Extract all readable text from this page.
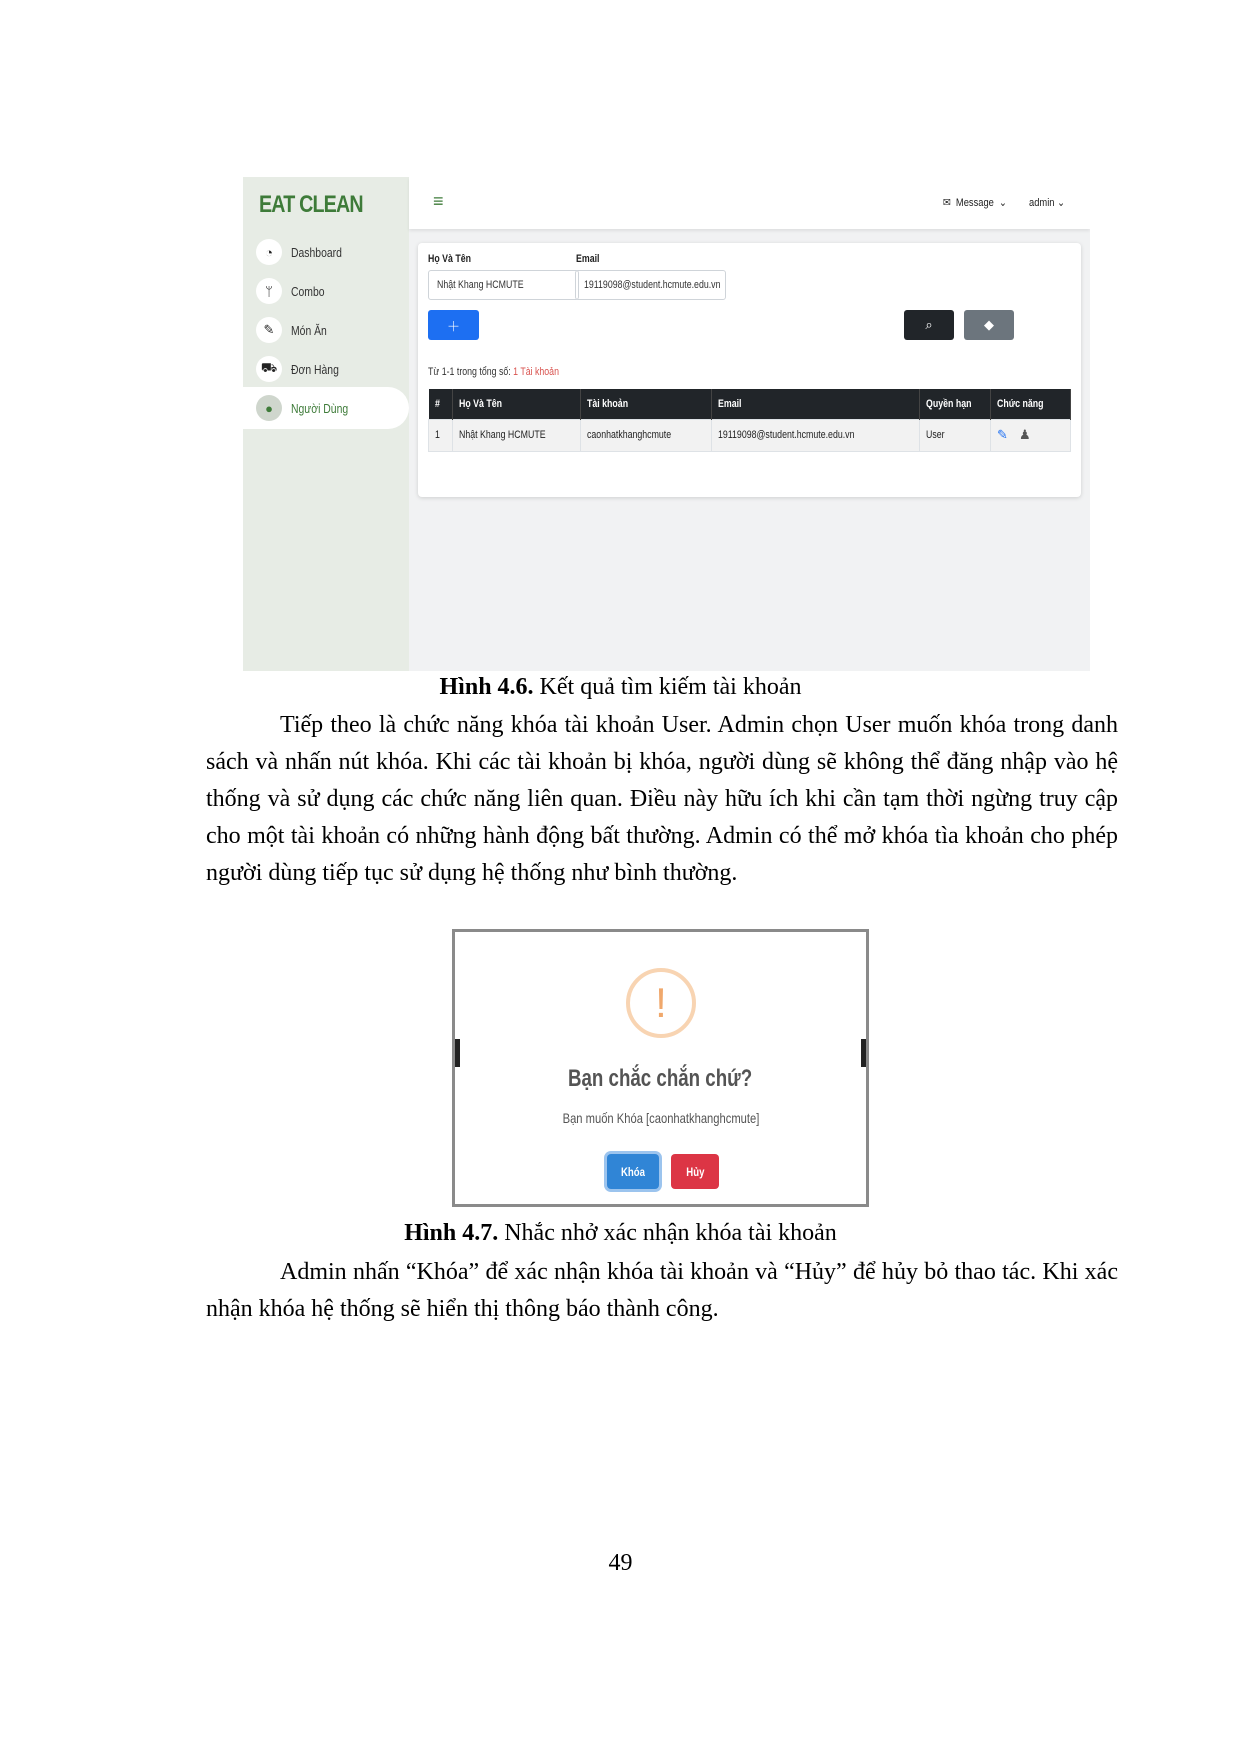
EAT CLEAN
◔	Dashboard
ᛘ	Combo
✎	Món Ăn
⛟	Đơn Hàng
●	Người Dùng
≡	✉ Message ⌄ admin ⌄
Họ Và Tên
Nhật Khang HCMUTE
Email
19119098@student.hcmute.edu.vn
＋	⌕	◆
Từ 1-1 trong tổng số: 1 Tài khoản
#	Họ Và Tên	Tài khoản	Email	Quyền hạn	Chức năng
1	Nhật Khang HCMUTE	caonhatkhanghcmute	19119098@student.hcmute.edu.vn	User	✎ ♟
Hình 4.6. Kết quả tìm kiếm tài khoản
Tiếp theo là chức năng khóa tài khoản User. Admin chọn User muốn khóa trong danh sách và nhấn nút khóa. Khi các tài khoản bị khóa, người dùng sẽ không thể đăng nhập vào hệ thống và sử dụng các chức năng liên quan. Điều này hữu ích khi cần tạm thời ngừng truy cập cho một tài khoản có những hành động bất thường. Admin có thể mở khóa tìa khoản cho phép người dùng tiếp tục sử dụng hệ thống như bình thường.
!
Bạn chắc chắn chứ?
Bạn muốn Khóa [caonhatkhanghcmute]
Khóa	Hủy
Hình 4.7. Nhắc nhở xác nhận khóa tài khoản
Admin nhấn “Khóa” để xác nhận khóa tài khoản và “Hủy” để hủy bỏ thao tác. Khi xác nhận khóa hệ thống sẽ hiển thị thông báo thành công.
49
